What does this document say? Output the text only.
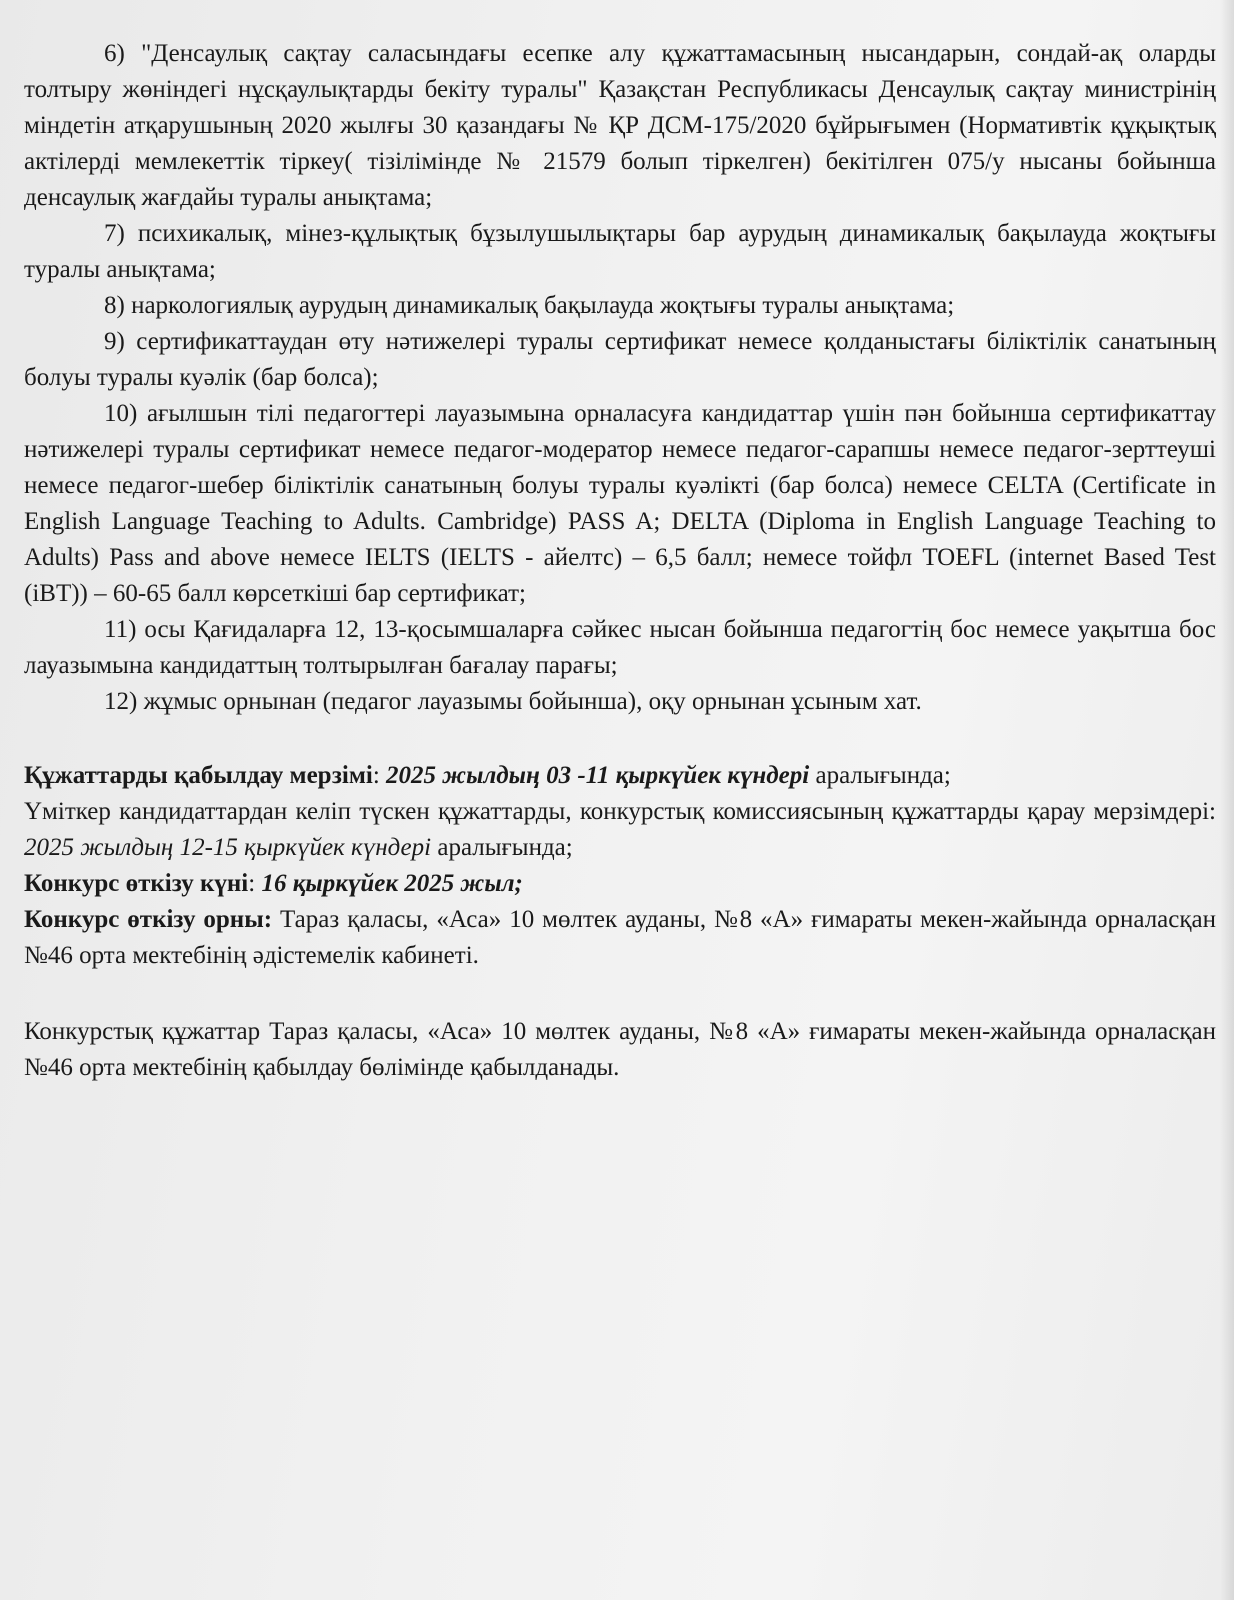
6) "Денсаулық сақтау саласындағы есепке алу құжаттамасының нысандарын, сондай-ақ оларды толтыру жөніндегі нұсқаулықтарды бекіту туралы" Қазақстан Республикасы Денсаулық сақтау министрінің міндетін атқарушының 2020 жылғы 30 қазандағы № ҚР ДСМ-175/2020 бұйрығымен (Нормативтік құқықтық актілерді мемлекеттік тіркеу( тізілімінде № 21579 болып тіркелген) бекітілген 075/у нысаны бойынша денсаулық жағдайы туралы анықтама;

7) психикалық, мінез-құлықтық бұзылушылықтары бар аурудың динамикалық бақылауда жоқтығы туралы анықтама;

8) наркологиялық аурудың динамикалық бақылауда жоқтығы туралы анықтама;

9) сертификаттаудан өту нәтижелері туралы сертификат немесе қолданыстағы біліктілік санатының болуы туралы куәлік (бар болса);

10) ағылшын тілі педагогтері лауазымына орналасуға кандидаттар үшін пән бойынша сертификаттау нәтижелері туралы сертификат немесе педагог-модератор немесе педагог-сарапшы немесе педагог-зерттеуші немесе педагог-шебер біліктілік санатының болуы туралы куәлікті (бар болса) немесе CELTA (Certificate in English Language Teaching to Adults. Cambridge) PASS A; DELTA (Diploma in English Language Teaching to Adults) Pass and above немесе IELTS (IELTS - айелтс) – 6,5 балл; немесе тойфл TOEFL (internet Based Test (iBT)) – 60-65 балл көрсеткіші бар сертификат;

11) осы Қағидаларға 12, 13-қосымшаларға сәйкес нысан бойынша педагогтің бос немесе уақытша бос лауазымына кандидаттың толтырылған бағалау парағы;

12) жұмыс орнынан (педагог лауазымы бойынша), оқу орнынан ұсыным хат.

Құжаттарды қабылдау мерзімі: 2025 жылдың 03 -11 қыркүйек күндері аралығында;

Үміткер кандидаттардан келіп түскен құжаттарды, конкурстық комиссиясының құжаттарды қарау мерзімдері: 2025 жылдың 12-15 қыркүйек күндері аралығында;

Конкурс өткізу күні: 16 қыркүйек 2025 жыл;

Конкурс өткізу орны: Тараз қаласы, «Аса» 10 мөлтек ауданы, №8 «А» ғимараты мекен-жайында орналасқан №46 орта мектебінің әдістемелік кабинеті.

Конкурстық құжаттар Тараз қаласы, «Аса» 10 мөлтек ауданы, №8 «А» ғимараты мекен-жайында орналасқан №46 орта мектебінің қабылдау бөлімінде қабылданады.
